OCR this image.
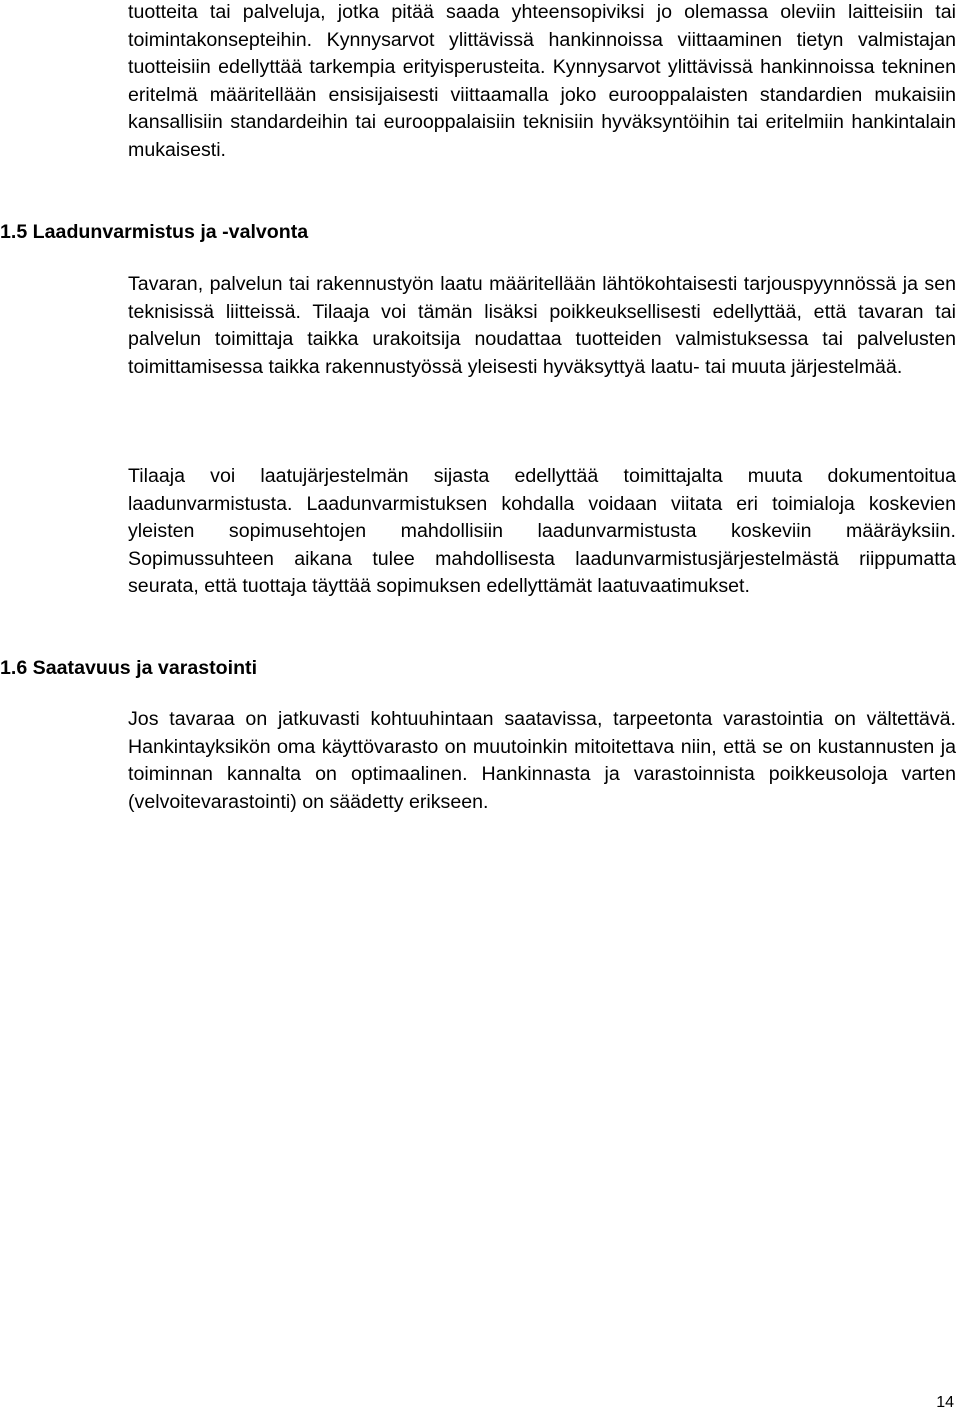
tuotteita tai palveluja, jotka pitää saada yhteensopiviksi jo olemassa oleviin laitteisiin tai toimintakonsepteihin. Kynnysarvot ylittävissä hankinnoissa viittaaminen tietyn valmistajan tuotteisiin edellyttää tarkempia erityisperusteita. Kynnysarvot ylittävissä hankinnoissa tekninen eritelmä määritellään ensisijaisesti viittaamalla joko eurooppalaisten standardien mukaisiin kansallisiin standardeihin tai eurooppalaisiin teknisiin hyväksyntöihin tai eritelmiin hankintalain mukaisesti.

1.5 Laadunvarmistus ja -valvonta

Tavaran, palvelun tai rakennustyön laatu määritellään lähtökohtaisesti tarjouspyynnössä ja sen teknisissä liitteissä. Tilaaja voi tämän lisäksi poikkeuksellisesti edellyttää, että tavaran tai palvelun toimittaja taikka urakoitsija noudattaa tuotteiden valmistuksessa tai palvelusten toimittamisessa taikka rakennustyössä yleisesti hyväksyttyä laatu- tai muuta järjestelmää.

Tilaaja voi laatujärjestelmän sijasta edellyttää toimittajalta muuta dokumentoitua laadunvarmistusta. Laadunvarmistuksen kohdalla voidaan viitata eri toimialoja koskevien yleisten sopimusehtojen mahdollisiin laadunvarmistusta koskeviin määräyksiin. Sopimussuhteen aikana tulee mahdollisesta laadunvarmistusjärjestelmästä riippumatta seurata, että tuottaja täyttää sopimuksen edellyttämät laatuvaatimukset.

1.6 Saatavuus ja varastointi

Jos tavaraa on jatkuvasti kohtuuhintaan saatavissa, tarpeetonta varastointia on vältettävä. Hankintayksikön oma käyttövarasto on muutoinkin mitoitettava niin, että se on kustannusten ja toiminnan kannalta on optimaalinen. Hankinnasta ja varastoinnista poikkeusoloja varten (velvoitevarastointi) on säädetty erikseen.

14
